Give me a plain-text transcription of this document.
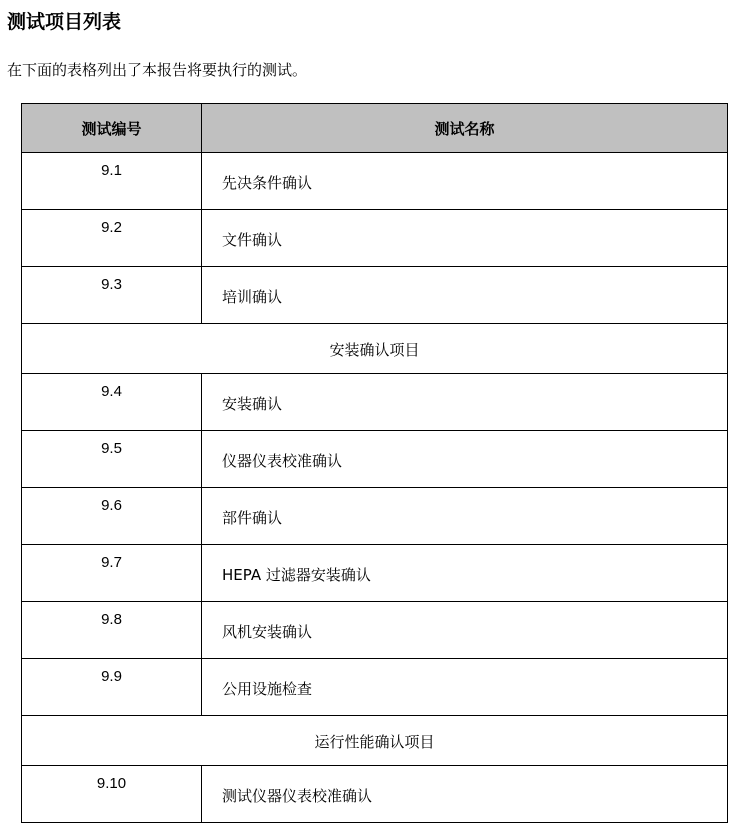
测试项目列表

在下面的表格列出了本报告将要执行的测试。

测试编号	测试名称
9.1	先决条件确认
9.2	文件确认
9.3	培训确认
安装确认项目	
9.4	安装确认
9.5	仪器仪表校准确认
9.6	部件确认
9.7	HEPA 过滤器安装确认
9.8	风机安装确认
9.9	公用设施检查
运行性能确认项目	
9.10	测试仪器仪表校准确认
